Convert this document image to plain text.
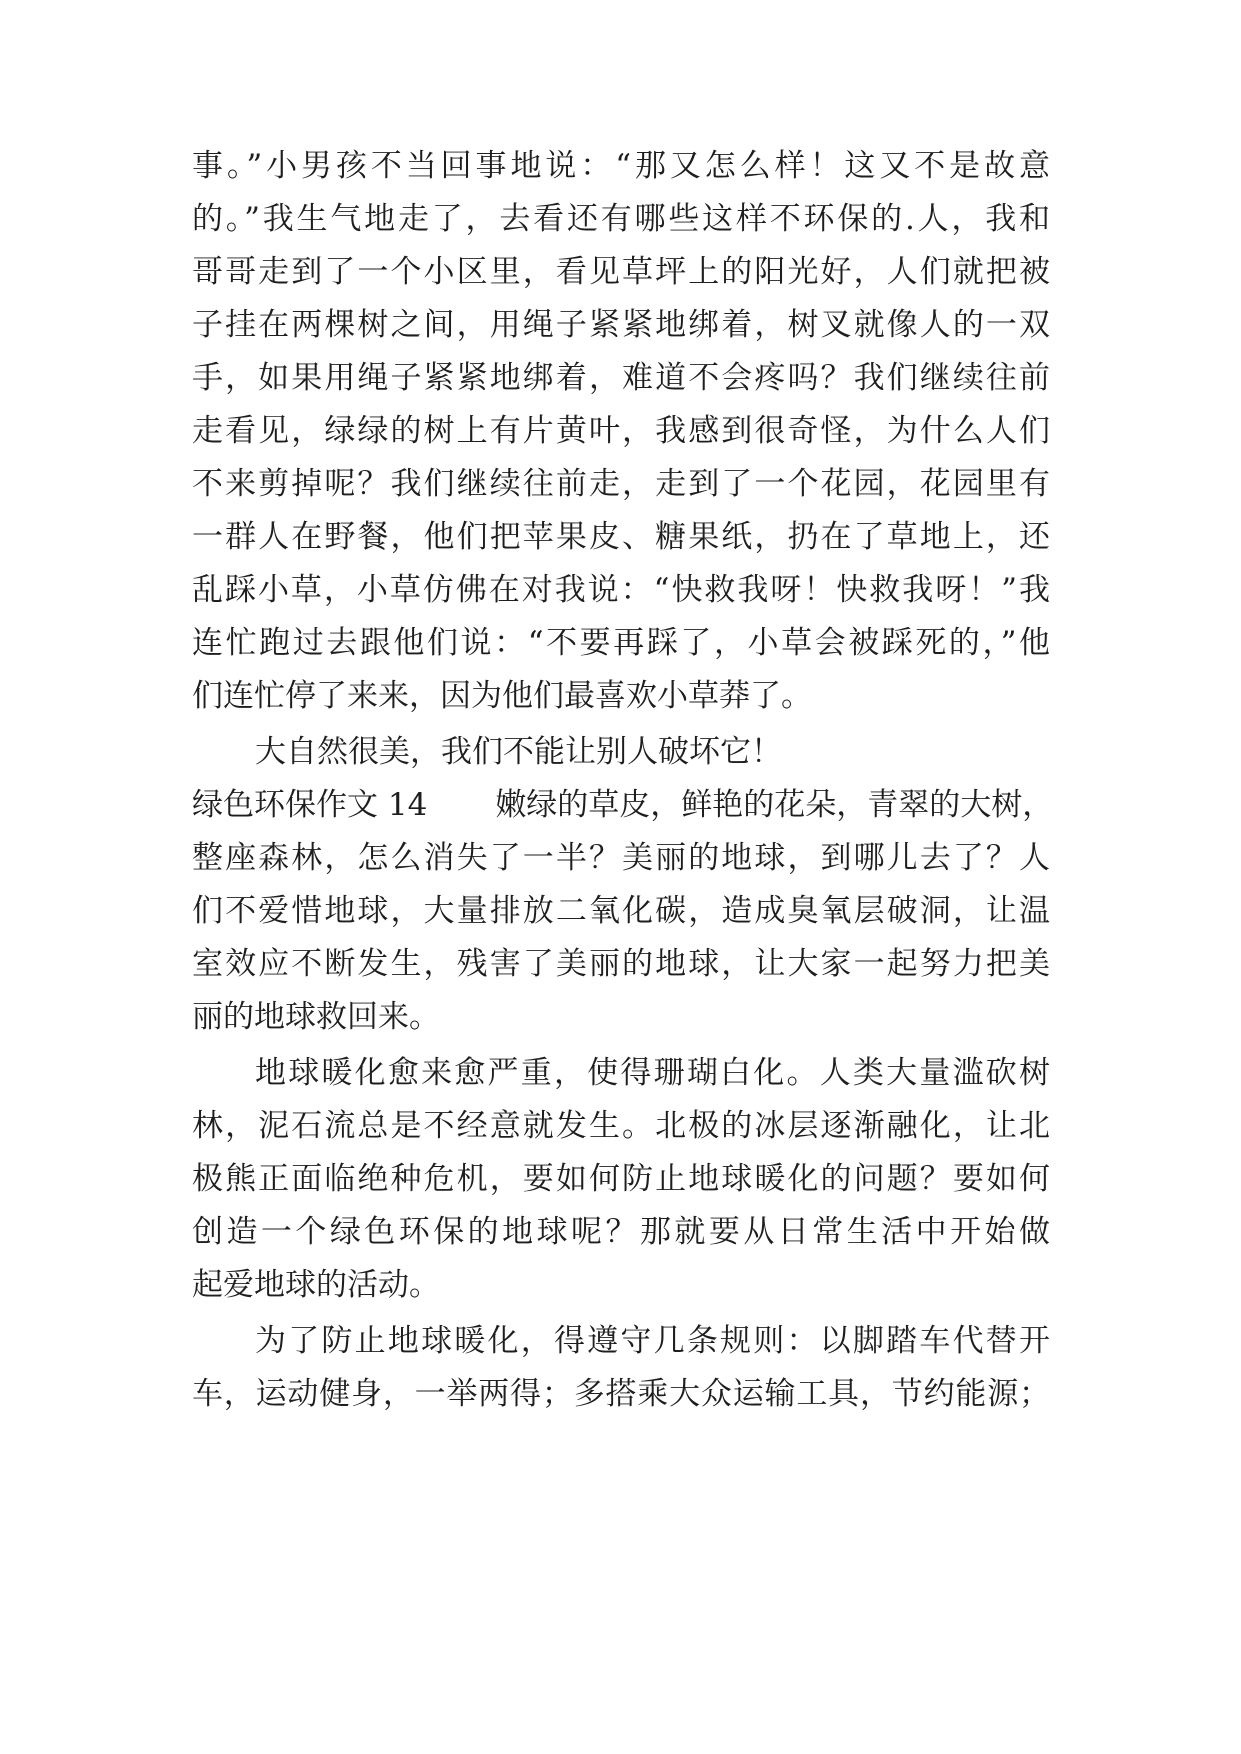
事。”小男孩不当回事地说：“那又怎么样！这又不是故意
的。”我生气地走了，去看还有哪些这样不环保的.人，我和
哥哥走到了一个小区里，看见草坪上的阳光好，人们就把被
子挂在两棵树之间，用绳子紧紧地绑着，树叉就像人的一双
手，如果用绳子紧紧地绑着，难道不会疼吗？我们继续往前
走看见，绿绿的树上有片黄叶，我感到很奇怪，为什么人们
不来剪掉呢？我们继续往前走，走到了一个花园，花园里有
一群人在野餐，他们把苹果皮、糖果纸，扔在了草地上，还
乱踩小草，小草仿佛在对我说：“快救我呀！快救我呀！”我
连忙跑过去跟他们说：“不要再踩了，小草会被踩死的，”他
们连忙停了来来，因为他们最喜欢小草莽了。
大自然很美，我们不能让别人破坏它！
绿色环保作文 14 嫩绿的草皮，鲜艳的花朵，青翠的大树，
整座森林，怎么消失了一半？美丽的地球，到哪儿去了？人
们不爱惜地球，大量排放二氧化碳，造成臭氧层破洞，让温
室效应不断发生，残害了美丽的地球，让大家一起努力把美
丽的地球救回来。
地球暖化愈来愈严重，使得珊瑚白化。人类大量滥砍树
林，泥石流总是不经意就发生。北极的冰层逐渐融化，让北
极熊正面临绝种危机，要如何防止地球暖化的问题？要如何
创造一个绿色环保的地球呢？那就要从日常生活中开始做
起爱地球的活动。
为了防止地球暖化，得遵守几条规则：以脚踏车代替开
车，运动健身，一举两得；多搭乘大众运输工具，节约能源；
